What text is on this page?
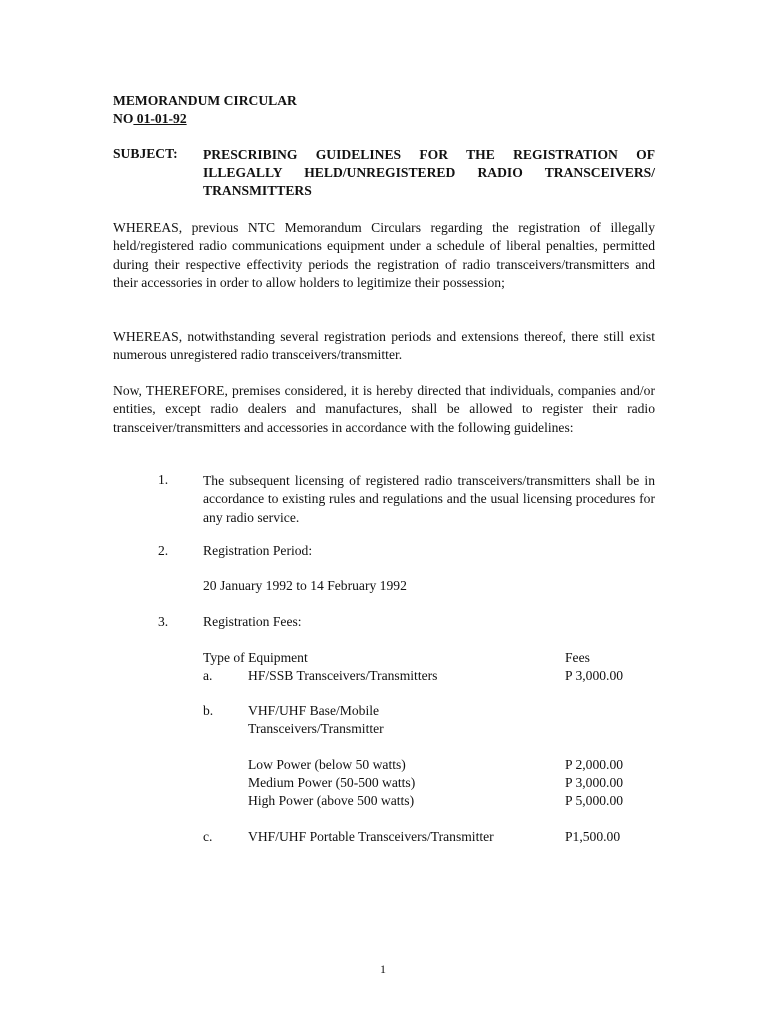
MEMORANDUM CIRCULAR
NO 01-01-92
SUBJECT: PRESCRIBING GUIDELINES FOR THE REGISTRATION OF
ILLEGALLY HELD/UNREGISTERED RADIO TRANSCEIVERS/
TRANSMITTERS
WHEREAS, previous NTC Memorandum Circulars regarding the registration of illegally held/registered radio communications equipment under a schedule of liberal penalties, permitted during their respective effectivity periods the registration of radio transceivers/transmitters and their accessories in order to allow holders to legitimize their possession;
WHEREAS, notwithstanding several registration periods and extensions thereof, there still exist numerous unregistered radio transceivers/transmitter.
Now, THEREFORE, premises considered, it is hereby directed that individuals, companies and/or entities, except radio dealers and manufactures, shall be allowed to register their radio transceiver/transmitters and accessories in accordance with the following guidelines:
1.	The subsequent licensing of registered radio transceivers/transmitters shall be in accordance to existing rules and regulations and the usual licensing procedures for any radio service.
2.	Registration Period:
20 January 1992 to 14 February 1992
3.	Registration Fees:
Type of Equipment	Fees
a.	HF/SSB Transceivers/Transmitters	P 3,000.00
b.	VHF/UHF Base/Mobile
Transceivers/Transmitter
Low Power (below 50 watts)	P 2,000.00
Medium Power (50-500 watts)	P 3,000.00
High Power (above 500 watts)	P 5,000.00
c.	VHF/UHF Portable Transceivers/Transmitter	P1,500.00
1
